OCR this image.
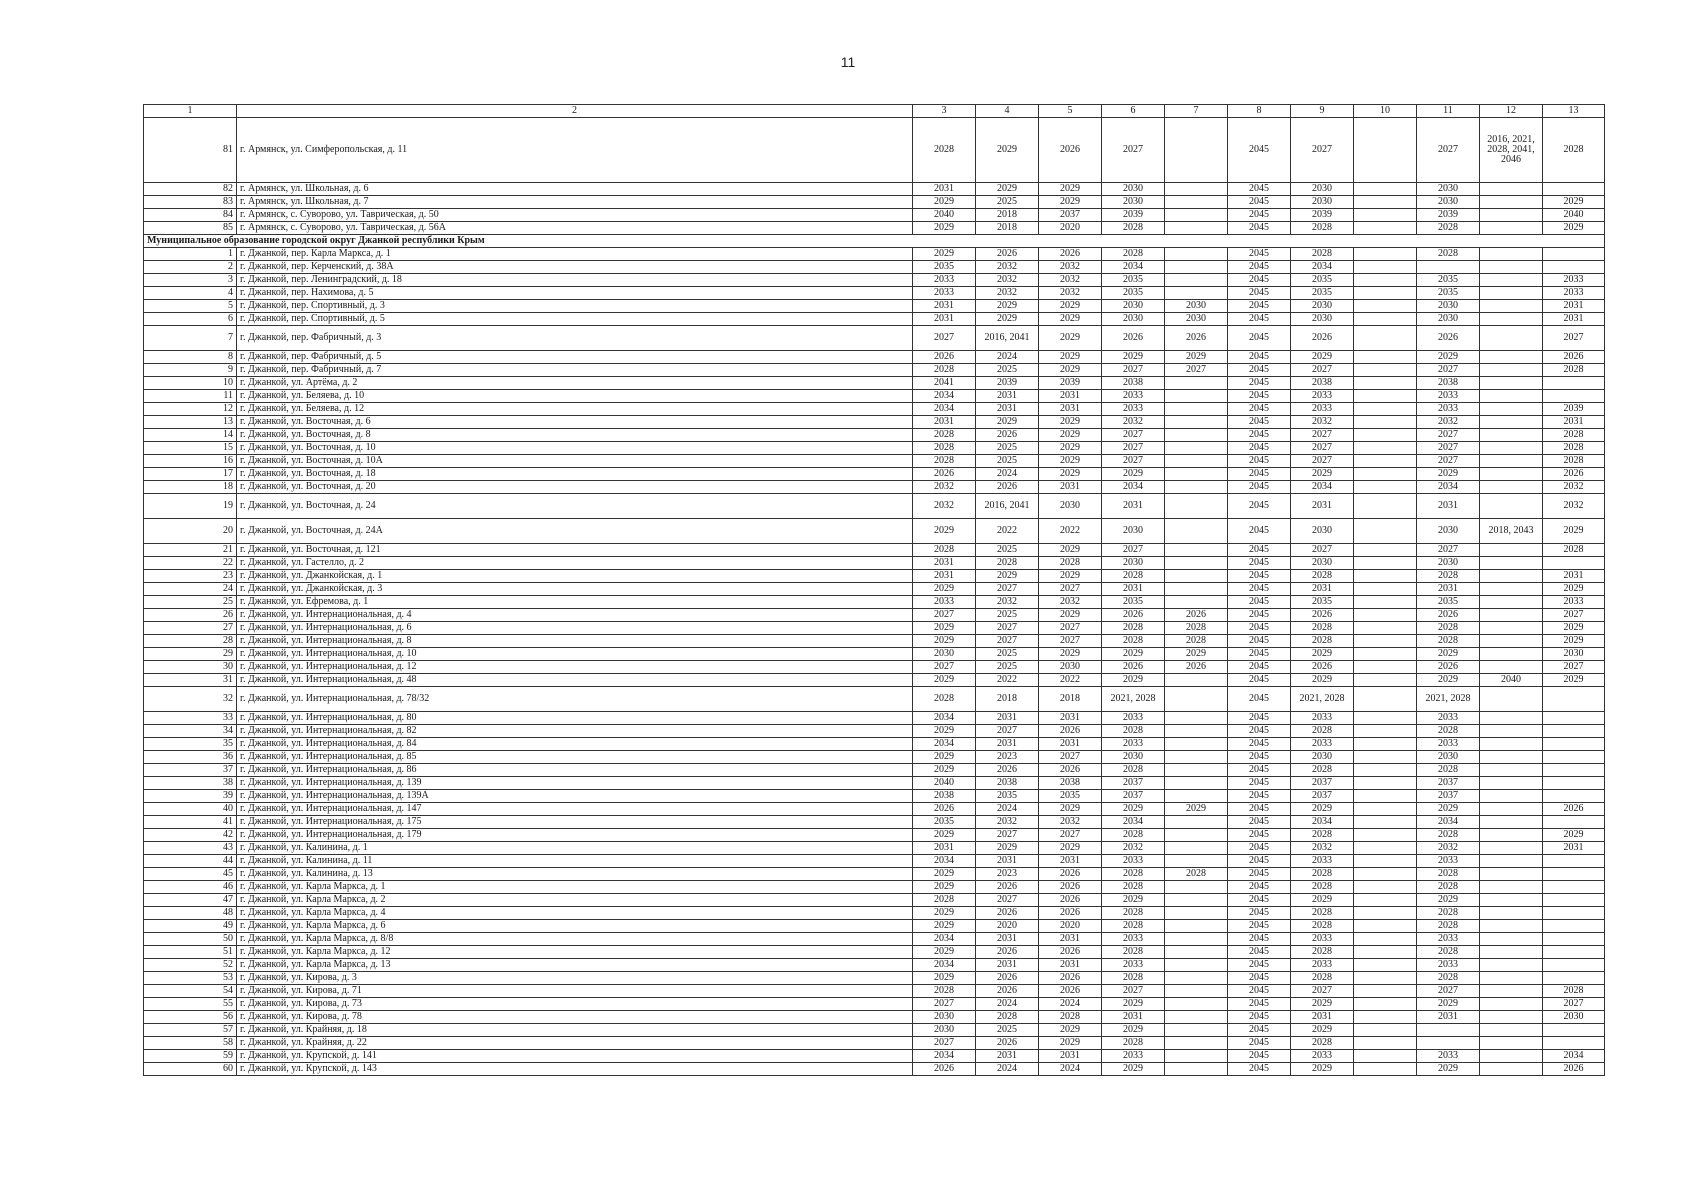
11
1	2	3	4	5	6	7	8	9	10	11	12	13
81	г. Армянск, ул. Симферопольская, д. 11	2028	2029	2026	2027		2045	2027		2027	2016, 2021, 2028, 2041, 2046	2028
82	г. Армянск, ул. Школьная, д. 6	2031	2029	2029	2030		2045	2030		2030		
83	г. Армянск, ул. Школьная, д. 7	2029	2025	2029	2030		2045	2030		2030		2029
84	г. Армянск, с. Суворово, ул. Таврическая, д. 50	2040	2018	2037	2039		2045	2039		2039		2040
85	г. Армянск, с. Суворово, ул. Таврическая, д. 56А	2029	2018	2020	2028		2045	2028		2028		2029
Муниципальное образование городской округ Джанкой республики Крым												
1	г. Джанкой, пер. Карла Маркса, д. 1	2029	2026	2026	2028		2045	2028		2028		
2	г. Джанкой, пер. Керченский, д. 38А	2035	2032	2032	2034		2045	2034				
3	г. Джанкой, пер. Ленинградский, д. 18	2033	2032	2032	2035		2045	2035		2035		2033
4	г. Джанкой, пер. Нахимова, д. 5	2033	2032	2032	2035		2045	2035		2035		2033
5	г. Джанкой, пер. Спортивный, д. 3	2031	2029	2029	2030	2030	2045	2030		2030		2031
6	г. Джанкой, пер. Спортивный, д. 5	2031	2029	2029	2030	2030	2045	2030		2030		2031
7	г. Джанкой, пер. Фабричный, д. 3	2027	2016, 2041	2029	2026	2026	2045	2026		2026		2027
8	г. Джанкой, пер. Фабричный, д. 5	2026	2024	2029	2029	2029	2045	2029		2029		2026
9	г. Джанкой, пер. Фабричный, д. 7	2028	2025	2029	2027	2027	2045	2027		2027		2028
10	г. Джанкой, ул. Артёма, д. 2	2041	2039	2039	2038		2045	2038		2038		
11	г. Джанкой, ул. Беляева, д. 10	2034	2031	2031	2033		2045	2033		2033		
12	г. Джанкой, ул. Беляева, д. 12	2034	2031	2031	2033		2045	2033		2033		2039
13	г. Джанкой, ул. Восточная, д. 6	2031	2029	2029	2032		2045	2032		2032		2031
14	г. Джанкой, ул. Восточная, д. 8	2028	2026	2029	2027		2045	2027		2027		2028
15	г. Джанкой, ул. Восточная, д. 10	2028	2025	2029	2027		2045	2027		2027		2028
16	г. Джанкой, ул. Восточная, д. 10А	2028	2025	2029	2027		2045	2027		2027		2028
17	г. Джанкой, ул. Восточная, д. 18	2026	2024	2029	2029		2045	2029		2029		2026
18	г. Джанкой, ул. Восточная, д. 20	2032	2026	2031	2034		2045	2034		2034		2032
19	г. Джанкой, ул. Восточная, д. 24	2032	2016, 2041	2030	2031		2045	2031		2031		2032
20	г. Джанкой, ул. Восточная, д. 24А	2029	2022	2022	2030		2045	2030		2030	2018, 2043	2029
21	г. Джанкой, ул. Восточная, д. 121	2028	2025	2029	2027		2045	2027		2027		2028
22	г. Джанкой, ул. Гастелло, д. 2	2031	2028	2028	2030		2045	2030		2030		
23	г. Джанкой, ул. Джанкойская, д. 1	2031	2029	2029	2028		2045	2028		2028		2031
24	г. Джанкой, ул. Джанкойская, д. 3	2029	2027	2027	2031		2045	2031		2031		2029
25	г. Джанкой, ул. Ефремова, д. 1	2033	2032	2032	2035		2045	2035		2035		2033
26	г. Джанкой, ул. Интернациональная, д. 4	2027	2025	2029	2026	2026	2045	2026		2026		2027
27	г. Джанкой, ул. Интернациональная, д. 6	2029	2027	2027	2028	2028	2045	2028		2028		2029
28	г. Джанкой, ул. Интернациональная, д. 8	2029	2027	2027	2028	2028	2045	2028		2028		2029
29	г. Джанкой, ул. Интернациональная, д. 10	2030	2025	2029	2029	2029	2045	2029		2029		2030
30	г. Джанкой, ул. Интернациональная, д. 12	2027	2025	2030	2026	2026	2045	2026		2026		2027
31	г. Джанкой, ул. Интернациональная, д. 48	2029	2022	2022	2029		2045	2029		2029	2040	2029
32	г. Джанкой, ул. Интернациональная, д. 78/32	2028	2018	2018	2021, 2028		2045	2021, 2028		2021, 2028		
33	г. Джанкой, ул. Интернациональная, д. 80	2034	2031	2031	2033		2045	2033		2033		
34	г. Джанкой, ул. Интернациональная, д. 82	2029	2027	2026	2028		2045	2028		2028		
35	г. Джанкой, ул. Интернациональная, д. 84	2034	2031	2031	2033		2045	2033		2033		
36	г. Джанкой, ул. Интернациональная, д. 85	2029	2023	2027	2030		2045	2030		2030		
37	г. Джанкой, ул. Интернациональная, д. 86	2029	2026	2026	2028		2045	2028		2028		
38	г. Джанкой, ул. Интернациональная, д. 139	2040	2038	2038	2037		2045	2037		2037		
39	г. Джанкой, ул. Интернациональная, д. 139А	2038	2035	2035	2037		2045	2037		2037		
40	г. Джанкой, ул. Интернациональная, д. 147	2026	2024	2029	2029	2029	2045	2029		2029		2026
41	г. Джанкой, ул. Интернациональная, д. 175	2035	2032	2032	2034		2045	2034		2034		
42	г. Джанкой, ул. Интернациональная, д. 179	2029	2027	2027	2028		2045	2028		2028		2029
43	г. Джанкой, ул. Калинина, д. 1	2031	2029	2029	2032		2045	2032		2032		2031
44	г. Джанкой, ул. Калинина, д. 11	2034	2031	2031	2033		2045	2033		2033		
45	г. Джанкой, ул. Калинина, д. 13	2029	2023	2026	2028	2028	2045	2028		2028		
46	г. Джанкой, ул. Карла Маркса, д. 1	2029	2026	2026	2028		2045	2028		2028		
47	г. Джанкой, ул. Карла Маркса, д. 2	2028	2027	2026	2029		2045	2029		2029		
48	г. Джанкой, ул. Карла Маркса, д. 4	2029	2026	2026	2028		2045	2028		2028		
49	г. Джанкой, ул. Карла Маркса, д. 6	2029	2020	2020	2028		2045	2028		2028		
50	г. Джанкой, ул. Карла Маркса, д. 8/8	2034	2031	2031	2033		2045	2033		2033		
51	г. Джанкой, ул. Карла Маркса, д. 12	2029	2026	2026	2028		2045	2028		2028		
52	г. Джанкой, ул. Карла Маркса, д. 13	2034	2031	2031	2033		2045	2033		2033		
53	г. Джанкой, ул. Кирова, д. 3	2029	2026	2026	2028		2045	2028		2028		
54	г. Джанкой, ул. Кирова, д. 71	2028	2026	2026	2027		2045	2027		2027		2028
55	г. Джанкой, ул. Кирова, д. 73	2027	2024	2024	2029		2045	2029		2029		2027
56	г. Джанкой, ул. Кирова, д. 78	2030	2028	2028	2031		2045	2031		2031		2030
57	г. Джанкой, ул. Крайняя, д. 18	2030	2025	2029	2029		2045	2029				
58	г. Джанкой, ул. Крайняя, д. 22	2027	2026	2029	2028		2045	2028				
59	г. Джанкой, ул. Крупской, д. 141	2034	2031	2031	2033		2045	2033		2033		2034
60	г. Джанкой, ул. Крупской, д. 143	2026	2024	2024	2029		2045	2029		2029		2026
